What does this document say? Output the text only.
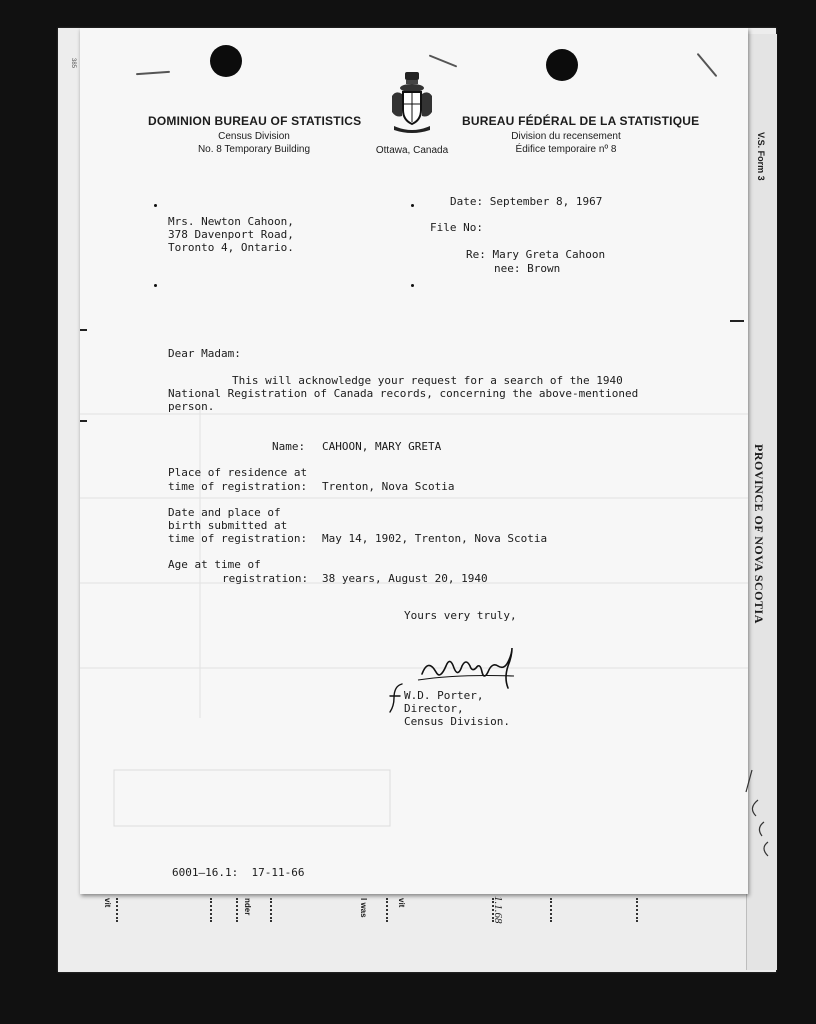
V.S. Form 3
PROVINCE OF NOVA SCOTIA
385
vit	nder	l was	vit	1.1.68
DOMINION BUREAU OF STATISTICS
Census Division
No. 8 Temporary Building
BUREAU FÉDÉRAL DE LA STATISTIQUE
Division du recensement
Édifice temporaire nº 8
Ottawa, Canada
Date: September 8, 1967
File No:
Re: Mary Greta Cahoon
nee: Brown
Mrs. Newton Cahoon,
378 Davenport Road,
Toronto 4, Ontario.
Dear Madam:
This will acknowledge your request for a search of the 1940
National Registration of Canada records, concerning the above-mentioned
person.
Name: CAHOON, MARY GRETA
Place of residence at
time of registration: Trenton, Nova Scotia
Date and place of
birth submitted at
time of registration: May 14, 1902, Trenton, Nova Scotia
Age at time of
registration: 38 years, August 20, 1940
Yours very truly,
W.D. Porter,
Director,
Census Division.
6001–16.1:  17-11-66
